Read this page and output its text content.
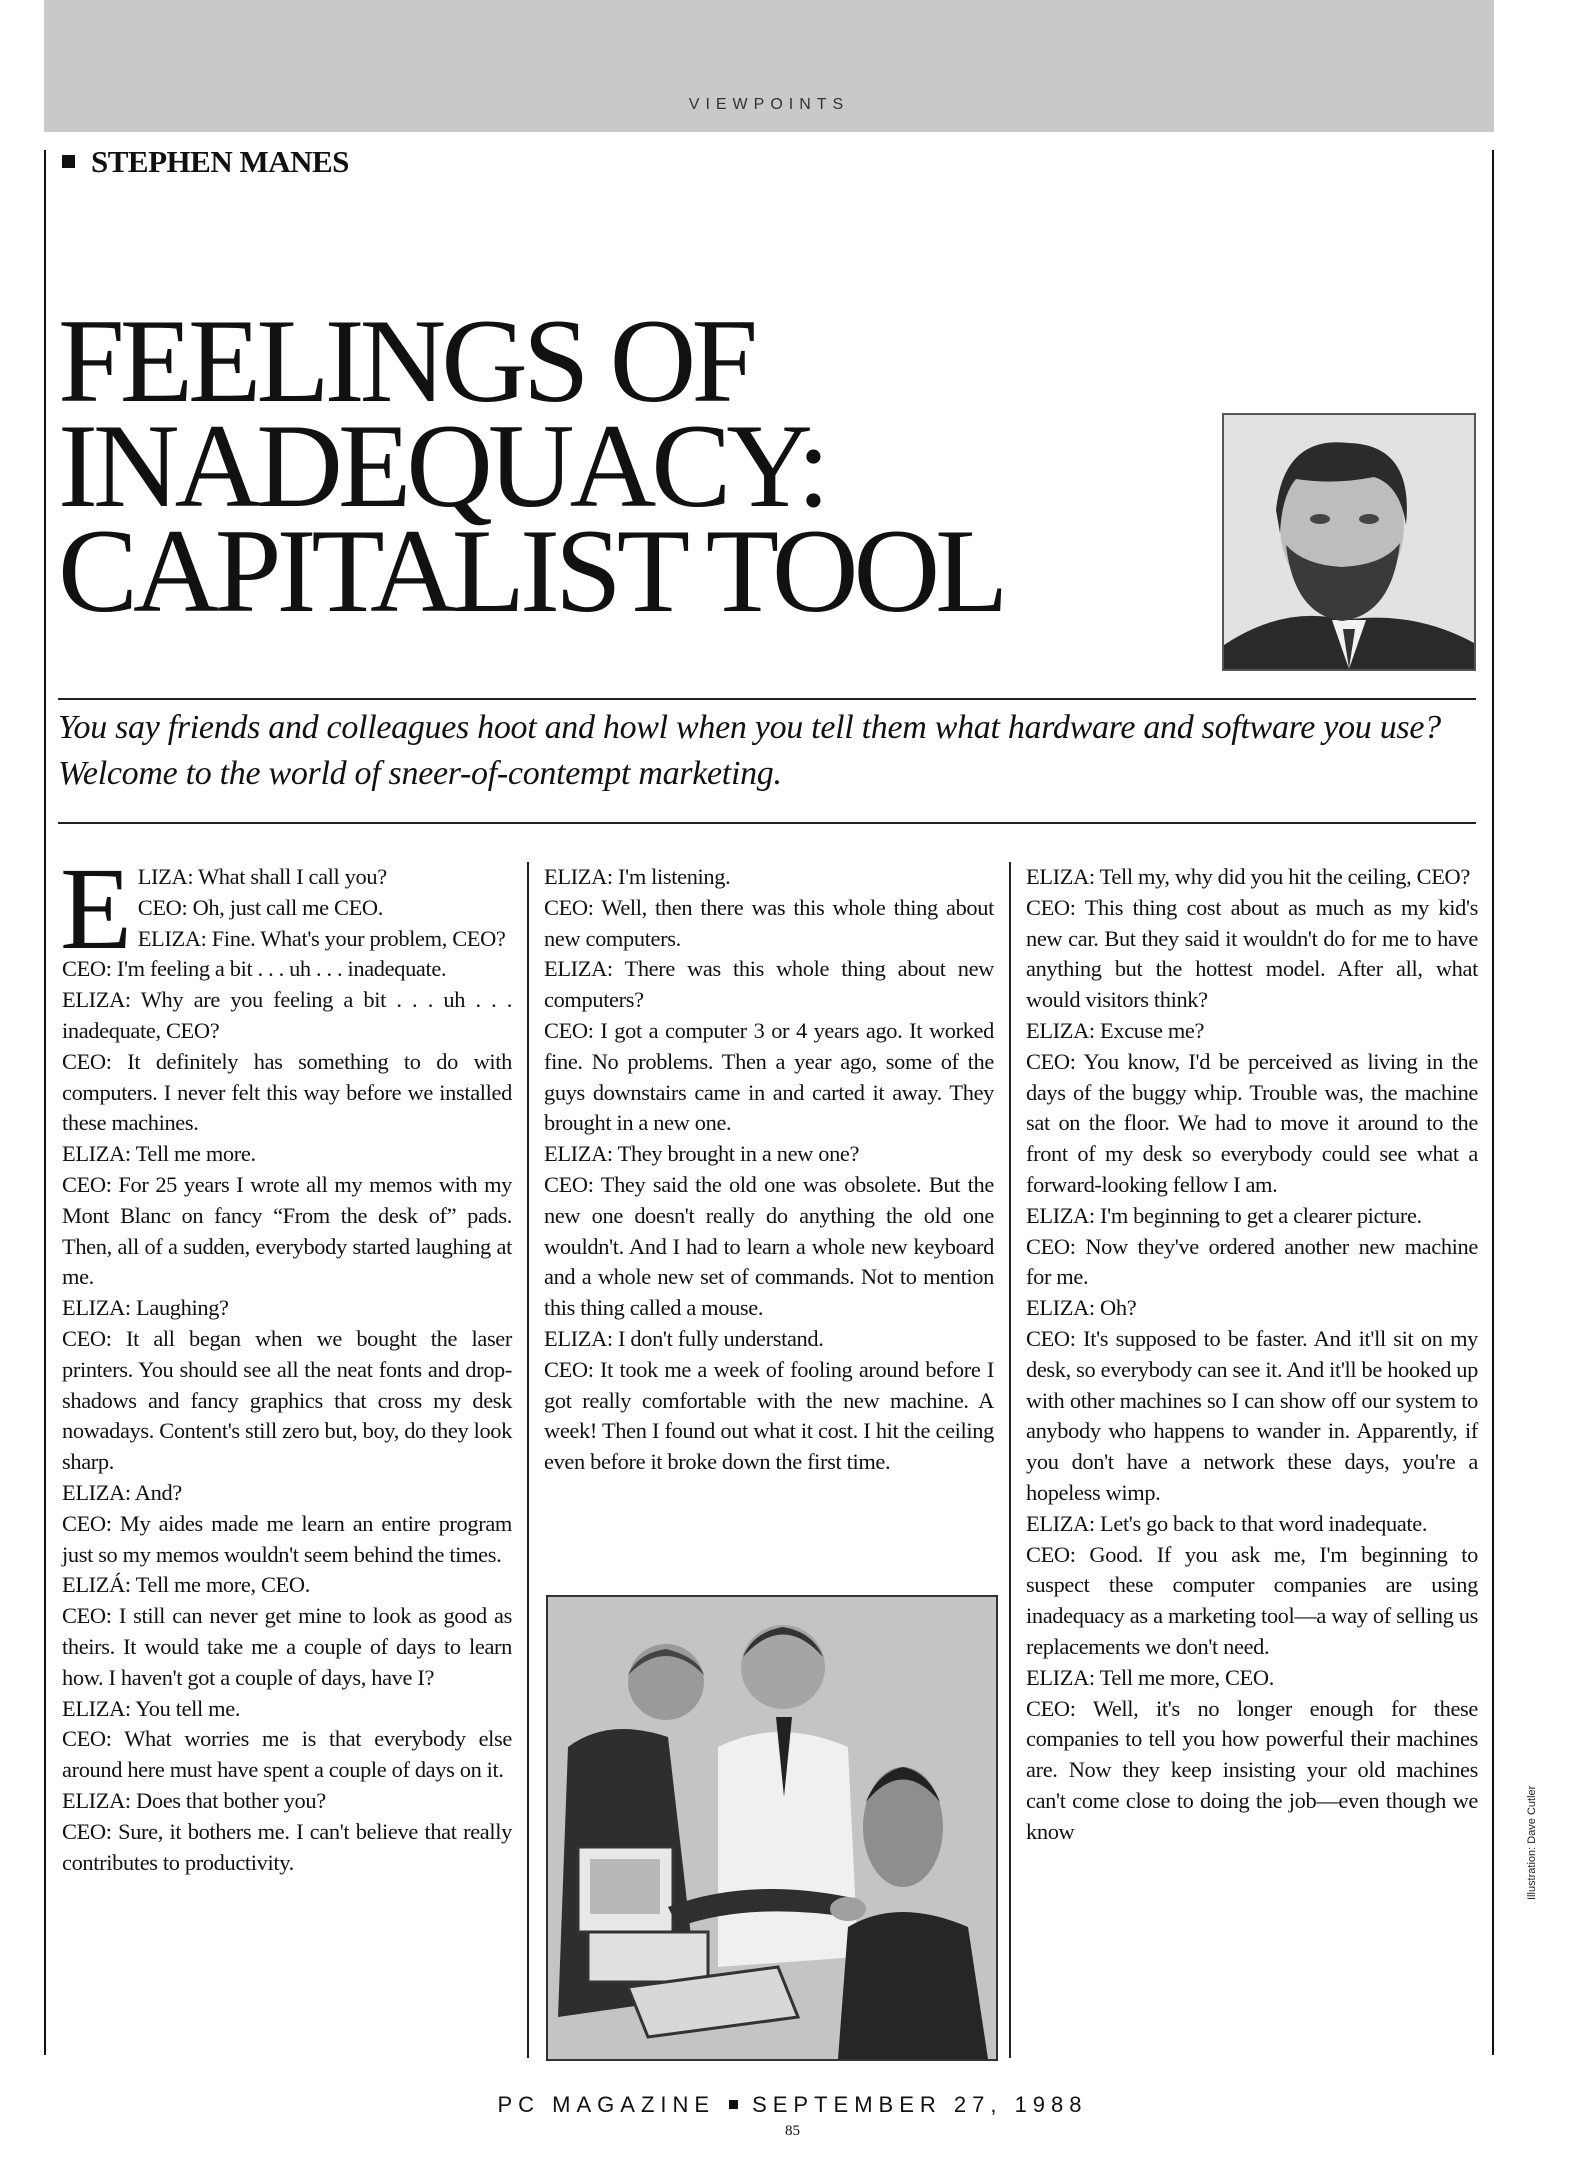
VIEWPOINTS
STEPHEN MANES
FEELINGS OF
INADEQUACY:
CAPITALIST TOOL
You say friends and colleagues hoot and howl when you tell them what hardware and software you use? Welcome to the world of sneer-of-contempt marketing.
E LIZA: What shall I call you?

CEO: Oh, just call me CEO.

ELIZA: Fine. What's your problem, CEO?

CEO: I'm feeling a bit . . . uh . . . inadequate.

ELIZA: Why are you feeling a bit . . . uh . . . inadequate, CEO?

CEO: It definitely has something to do with computers. I never felt this way before we installed these machines.

ELIZA: Tell me more.

CEO: For 25 years I wrote all my memos with my Mont Blanc on fancy “From the desk of” pads. Then, all of a sudden, everybody started laughing at me.

ELIZA: Laughing?

CEO: It all began when we bought the laser printers. You should see all the neat fonts and drop-shadows and fancy graphics that cross my desk nowadays. Content's still zero but, boy, do they look sharp.

ELIZA: And?

CEO: My aides made me learn an entire program just so my memos wouldn't seem behind the times.

ELIZÁ: Tell me more, CEO.

CEO: I still can never get mine to look as good as theirs. It would take me a couple of days to learn how. I haven't got a couple of days, have I?

ELIZA: You tell me.

CEO: What worries me is that everybody else around here must have spent a couple of days on it.

ELIZA: Does that bother you?

CEO: Sure, it bothers me. I can't believe that really contributes to productivity.

ELIZA: I'm listening.

CEO: Well, then there was this whole thing about new computers.

ELIZA: There was this whole thing about new computers?

CEO: I got a computer 3 or 4 years ago. It worked fine. No problems. Then a year ago, some of the guys downstairs came in and carted it away. They brought in a new one.

ELIZA: They brought in a new one?

CEO: They said the old one was obsolete. But the new one doesn't really do anything the old one wouldn't. And I had to learn a whole new keyboard and a whole new set of commands. Not to mention this thing called a mouse.

ELIZA: I don't fully understand.

CEO: It took me a week of fooling around before I got really comfortable with the new machine. A week! Then I found out what it cost. I hit the ceiling even before it broke down the first time.

ELIZA: Tell my, why did you hit the ceiling, CEO?

CEO: This thing cost about as much as my kid's new car. But they said it wouldn't do for me to have anything but the hottest model. After all, what would visitors think?

ELIZA: Excuse me?

CEO: You know, I'd be perceived as living in the days of the buggy whip. Trouble was, the machine sat on the floor. We had to move it around to the front of my desk so everybody could see what a forward-looking fellow I am.

ELIZA: I'm beginning to get a clearer picture.

CEO: Now they've ordered another new machine for me.

ELIZA: Oh?

CEO: It's supposed to be faster. And it'll sit on my desk, so everybody can see it. And it'll be hooked up with other machines so I can show off our system to anybody who happens to wander in. Apparently, if you don't have a network these days, you're a hopeless wimp.

ELIZA: Let's go back to that word inadequate.

CEO: Good. If you ask me, I'm beginning to suspect these computer companies are using inadequacy as a marketing tool—a way of selling us replacements we don't need.

ELIZA: Tell me more, CEO.

CEO: Well, it's no longer enough for these companies to tell you how powerful their machines are. Now they keep insisting your old machines can't come close to doing the job—even though we know	Illustration: Dave Cutler
PC MAGAZINE SEPTEMBER 27, 1988
85
